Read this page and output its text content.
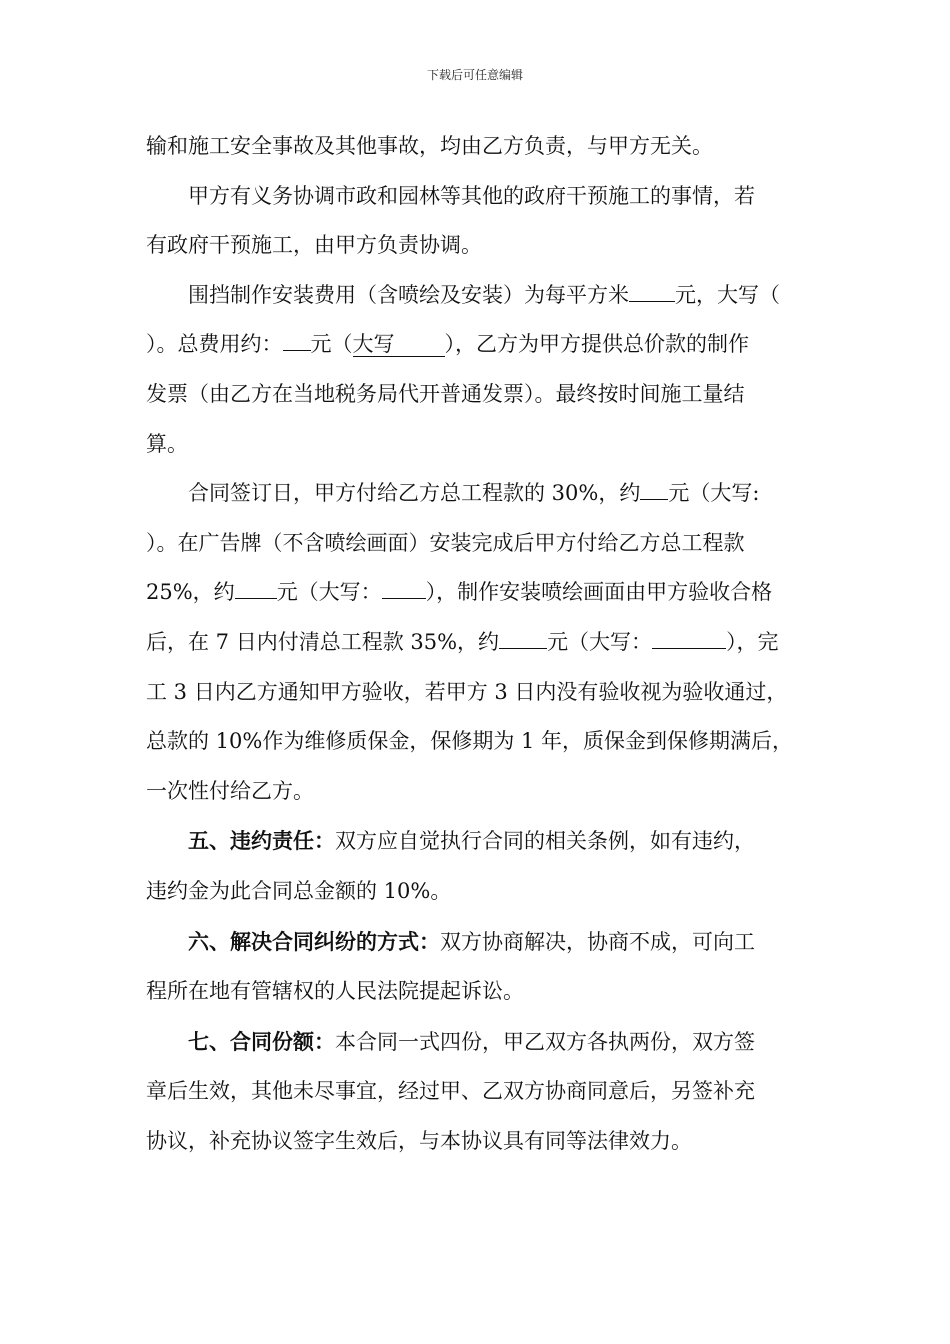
下载后可任意编辑
输和施工安全事故及其他事故，均由乙方负责，与甲方无关。
甲方有义务协调市政和园林等其他的政府干预施工的事情，若
有政府干预施工，由甲方负责协调。
围挡制作安装费用（含喷绘及安装）为每平方米 元，大写（
）。总费用约： 元（大写 ），乙方为甲方提供总价款的制作
发票（由乙方在当地税务局代开普通发票）。最终按时间施工量结
算。
合同签订日，甲方付给乙方总工程款的 30%，约 元（大写:
）。在广告牌（不含喷绘画面）安装完成后甲方付给乙方总工程款
25%，约 元（大写： ），制作安装喷绘画面由甲方验收合格
后，在 7 日内付清总工程款 35%，约 元（大写：	），完
工 3 日内乙方通知甲方验收，若甲方 3 日内没有验收视为验收通过，
总款的 10%作为维修质保金，保修期为 1 年，质保金到保修期满后，
一次性付给乙方。
五、违约责任：双方应自觉执行合同的相关条例，如有违约，
违约金为此合同总金额的 10%。
六、解决合同纠纷的方式：双方协商解决，协商不成，可向工
程所在地有管辖权的人民法院提起诉讼。
七、合同份额：本合同一式四份，甲乙双方各执两份，双方签
章后生效，其他未尽事宜，经过甲、乙双方协商同意后，另签补充
协议，补充协议签字生效后，与本协议具有同等法律效力。
